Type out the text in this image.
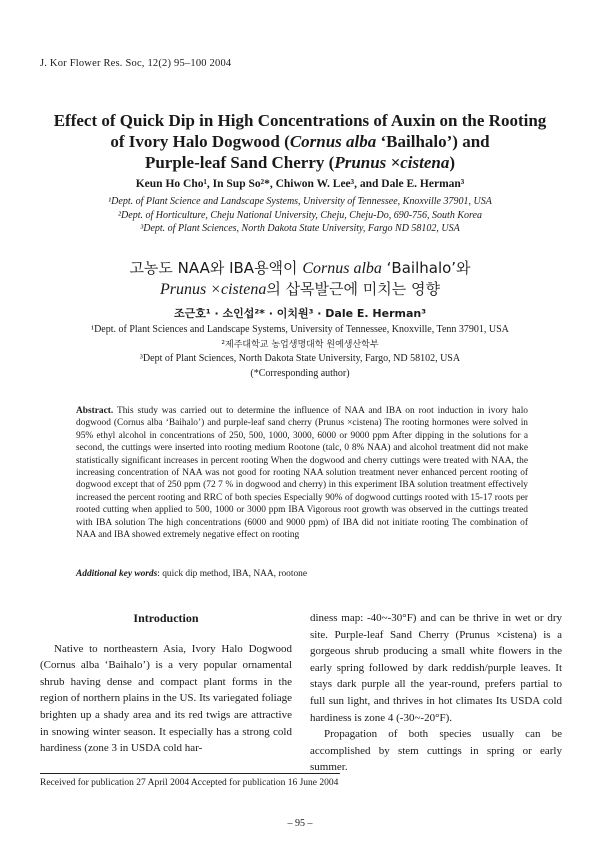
J. Kor Flower Res. Soc, 12(2) 95–100 2004
Effect of Quick Dip in High Concentrations of Auxin on the Rooting
of Ivory Halo Dogwood (Cornus alba ‘Bailhalo’) and
Purple-leaf Sand Cherry (Prunus ×cistena)
Keun Ho Cho¹, In Sup So²*, Chiwon W. Lee³, and Dale E. Herman³
¹Dept. of Plant Science and Landscape Systems, University of Tennessee, Knoxville 37901, USA
²Dept. of Horticulture, Cheju National University, Cheju, Cheju-Do, 690-756, South Korea
³Dept. of Plant Sciences, North Dakota State University, Fargo ND 58102, USA
고농도 NAA와 IBA용액이 Cornus alba ‘Bailhalo’와
Prunus ×cistena의 삽목발근에 미치는 영향
조근호¹ · 소인섭²* · 이치원³ · Dale E. Herman³
¹Dept. of Plant Sciences and Landscape Systems, University of Tennessee, Knoxville, Tenn 37901, USA
²제주대학교 농업생명대학 원예생산학부
³Dept of Plant Sciences, North Dakota State University, Fargo, ND 58102, USA
(*Corresponding author)
Abstract. This study was carried out to determine the influence of NAA and IBA on root induction in ivory halo dogwood (Cornus alba ‘Baihalo’) and purple-leaf sand cherry (Prunus ×cistena) The rooting hormones were solved in 95% ethyl alcohol in concentrations of 250, 500, 1000, 3000, 6000 or 9000 ppm After dipping in the solutions for a second, the cuttings were inserted into rooting medium Rootone (talc, 0 8% NAA) and alcohol treatment did not make statistically significant increases in percent rooting When the dogwood and cherry cuttings were treated with NAA, the increasing concentration of NAA was not good for rooting NAA solution treatment never enhanced percent rooting of dogwood except that of 250 ppm (72 7 % in dogwood and cherry) in this experiment IBA solution treatment effectively increased the percent rooting and RRC of both species Especially 90% of dogwood cuttings rooted with 15-17 roots per rooted cutting when applied to 500, 1000 or 3000 ppm IBA Vigorous root growth was observed in the cuttings treated with IBA solution The high concentrations (6000 and 9000 ppm) of IBA did not initiate rooting The combination of NAA and IBA showed extremely negative effect on rooting
Additional key words: quick dip method, IBA, NAA, rootone
Introduction

Native to northeastern Asia, Ivory Halo Dogwood (Cornus alba ‘Baihalo’) is a very popular ornamental shrub having dense and compact plant forms in the region of northern plains in the US. Its variegated foliage brighten up a shady area and its red twigs are attractive in snowing winter season. It especially has a strong cold hardiness (zone 3 in USDA cold har-

diness map: -40~-30°F) and can be thrive in wet or dry site. Purple-leaf Sand Cherry (Prunus ×cistena) is a gorgeous shrub producing a small white flowers in the early spring followed by dark reddish/purple leaves. It stays dark purple all the year-round, prefers partial to full sun light, and thrives in hot climates Its USDA cold hardiness is zone 4 (-30~-20°F).

Propagation of both species usually can be accomplished by stem cuttings in spring or early summer.

Received for publication 27 April 2004 Accepted for publication 16 June 2004
– 95 –
